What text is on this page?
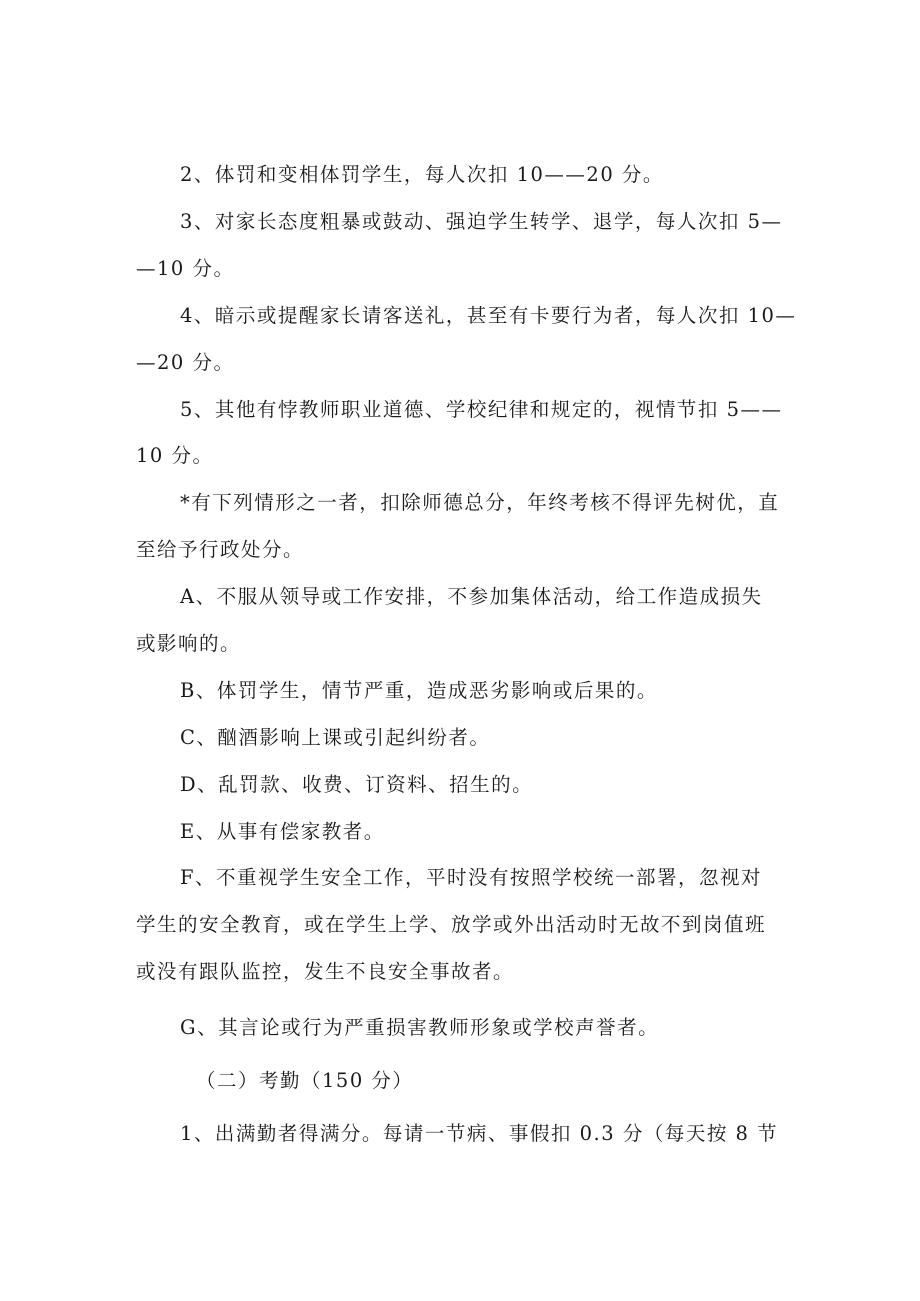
2、体罚和变相体罚学生，每人次扣 10——20 分。
3、对家长态度粗暴或鼓动、强迫学生转学、退学，每人次扣 5—
—10 分。
4、暗示或提醒家长请客送礼，甚至有卡要行为者，每人次扣 10—
—20 分。
5、其他有悖教师职业道德、学校纪律和规定的，视情节扣 5——
10 分。
*有下列情形之一者，扣除师德总分，年终考核不得评先树优，直
至给予行政处分。
A、不服从领导或工作安排，不参加集体活动，给工作造成损失
或影响的。
B、体罚学生，情节严重，造成恶劣影响或后果的。
C、酗酒影响上课或引起纠纷者。
D、乱罚款、收费、订资料、招生的。
E、从事有偿家教者。
F、不重视学生安全工作，平时没有按照学校统一部署，忽视对
学生的安全教育，或在学生上学、放学或外出活动时无故不到岗值班
或没有跟队监控，发生不良安全事故者。
G、其言论或行为严重损害教师形象或学校声誉者。
（二）考勤（150 分）
1、出满勤者得满分。每请一节病、事假扣 0.3 分（每天按 8 节
